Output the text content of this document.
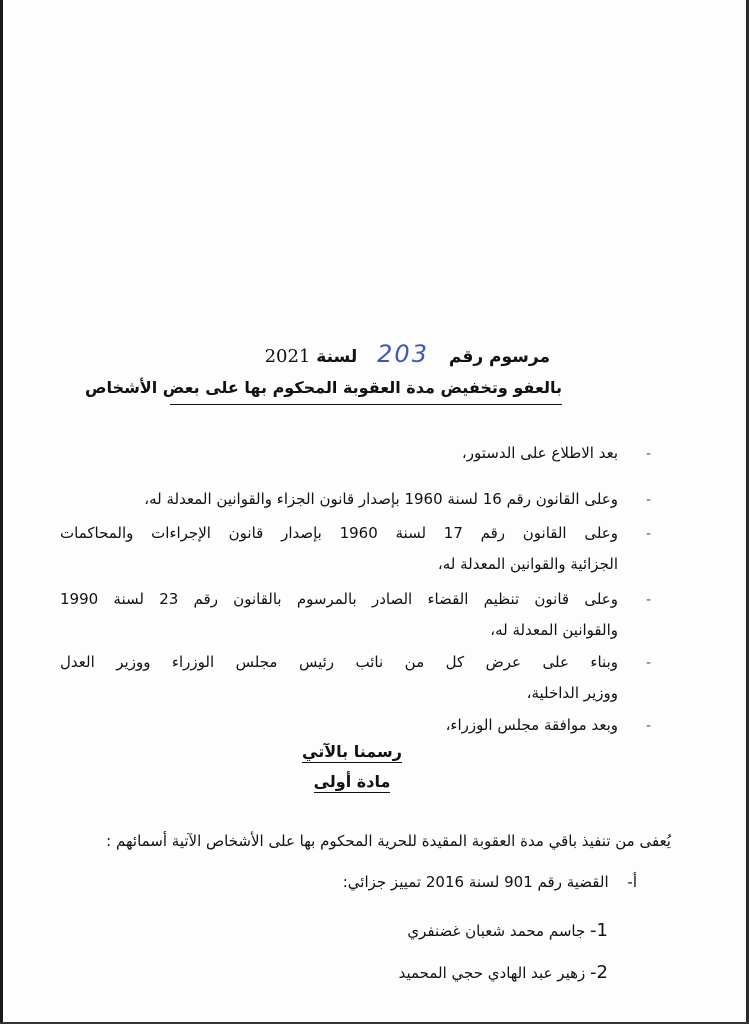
مرسوم رقم 203 لسنة 2021
بالعفو وتخفيض مدة العقوبة المحكوم بها على بعض الأشخاص
-
بعد الاطلاع على الدستور،
-
وعلى القانون رقم 16 لسنة 1960 بإصدار قانون الجزاء والقوانين المعدلة له،
-
وعلى القانون رقم 17 لسنة 1960 بإصدار قانون الإجراءات والمحاكمات
الجزائية والقوانين المعدلة له،
-
وعلى قانون تنظيم القضاء الصادر بالمرسوم بالقانون رقم 23 لسنة 1990
والقوانين المعدلة له،
-
وبناء على عرض كل من نائب رئيس مجلس الوزراء ووزير العدل
ووزير الداخلية،
-
وبعد موافقة مجلس الوزراء،
رسمنا بالآتي
مادة أولى
يُعفى من تنفيذ باقي مدة العقوبة المقيدة للحرية المحكوم بها على الأشخاص الآتية أسمائهم :
أ- القضية رقم 901 لسنة 2016 تمييز جزائي:
1- جاسم محمد شعبان غضنفري
2- زهير عبد الهادي حجي المحميد
